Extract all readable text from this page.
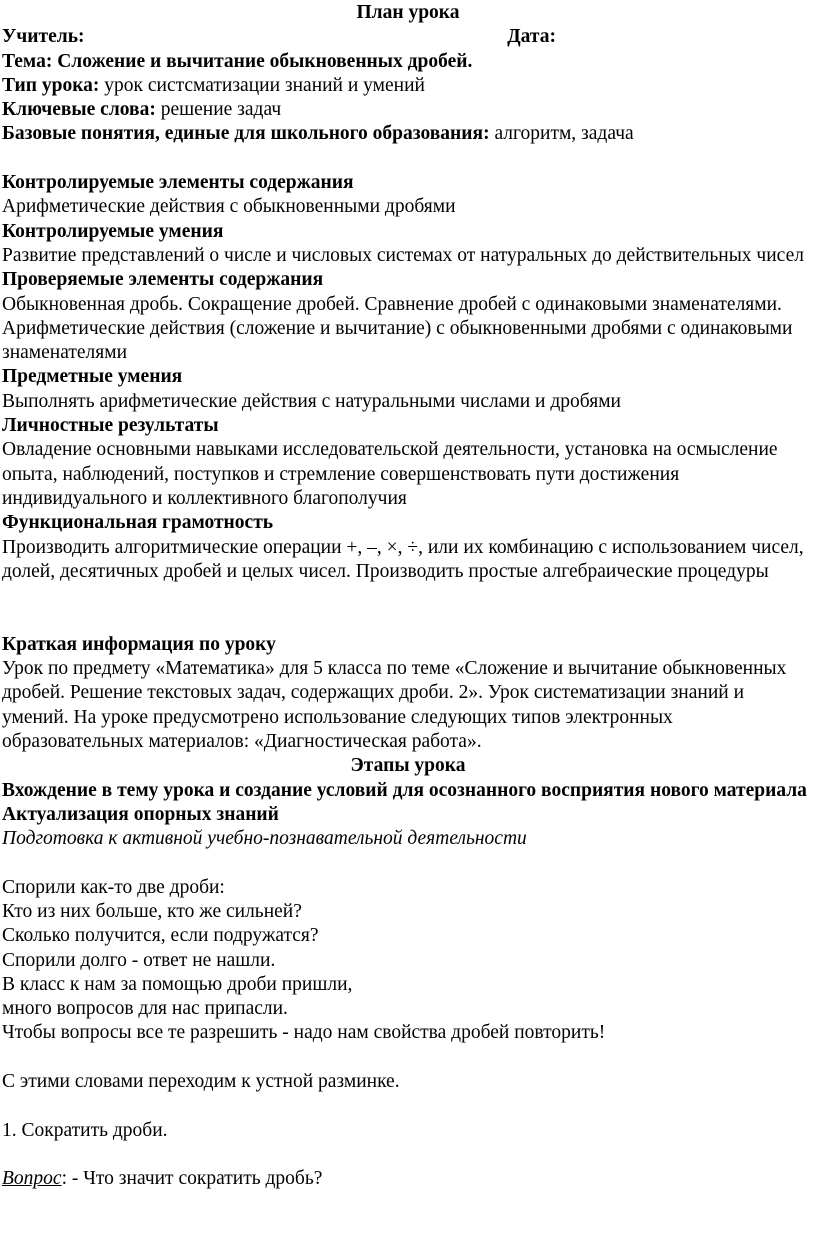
План урока

Учитель:	Дата:

Тема: Сложение и вычитание обыкновенных дробей.

Тип урока: урок систсматизации знаний и умений

Ключевые слова: решение задач

Базовые понятия, единые для школьного образования: алгоритм, задача

Контролируемые элементы содержания

Арифметические действия с обыкновенными дробями

Контролируемые умения

Развитие представлений о числе и числовых системах от натуральных до действительных чисел

Проверяемые элементы содержания

Обыкновенная дробь. Сокращение дробей. Сравнение дробей с одинаковыми знаменателями. Арифметические действия (сложение и вычитание) с обыкновенными дробями с одинаковыми знаменателями

Предметные умения

Выполнять арифметические действия с натуральными числами и дробями

Личностные результаты

Овладение основными навыками исследовательской деятельности, установка на осмысление опыта, наблюдений, поступков и стремление совершенствовать пути достижения индивидуального и коллективного благополучия

Функциональная грамотность

Производить алгоритмические операции +, –, ×, ÷, или их комбинацию с использованием чисел, долей, десятичных дробей и целых чисел. Производить простые алгебраические процедуры

Краткая информация по уроку

Урок по предмету «Математика» для 5 класса по теме «Сложение и вычитание обыкновенных дробей. Решение текстовых задач, содержащих дроби. 2». Урок систематизации знаний и умений. На уроке предусмотрено использование следующих типов электронных образовательных материалов: «Диагностическая работа».

Этапы урока

Вхождение в тему урока и создание условий для осознанного восприятия нового материала

Актуализация опорных знаний

Подготовка к активной учебно-познавательной деятельности

Спорили как-то две дроби:

Кто из них больше, кто же сильней?

Сколько получится, если подружатся?

Спорили долго - ответ не нашли.

В класс к нам за помощью дроби пришли,

много вопросов для нас припасли.

Чтобы вопросы все те разрешить - надо нам свойства дробей повторить!

С этими словами переходим к устной разминке.

1. Сократить дроби.

Вопрос: - Что значит сократить дробь?
